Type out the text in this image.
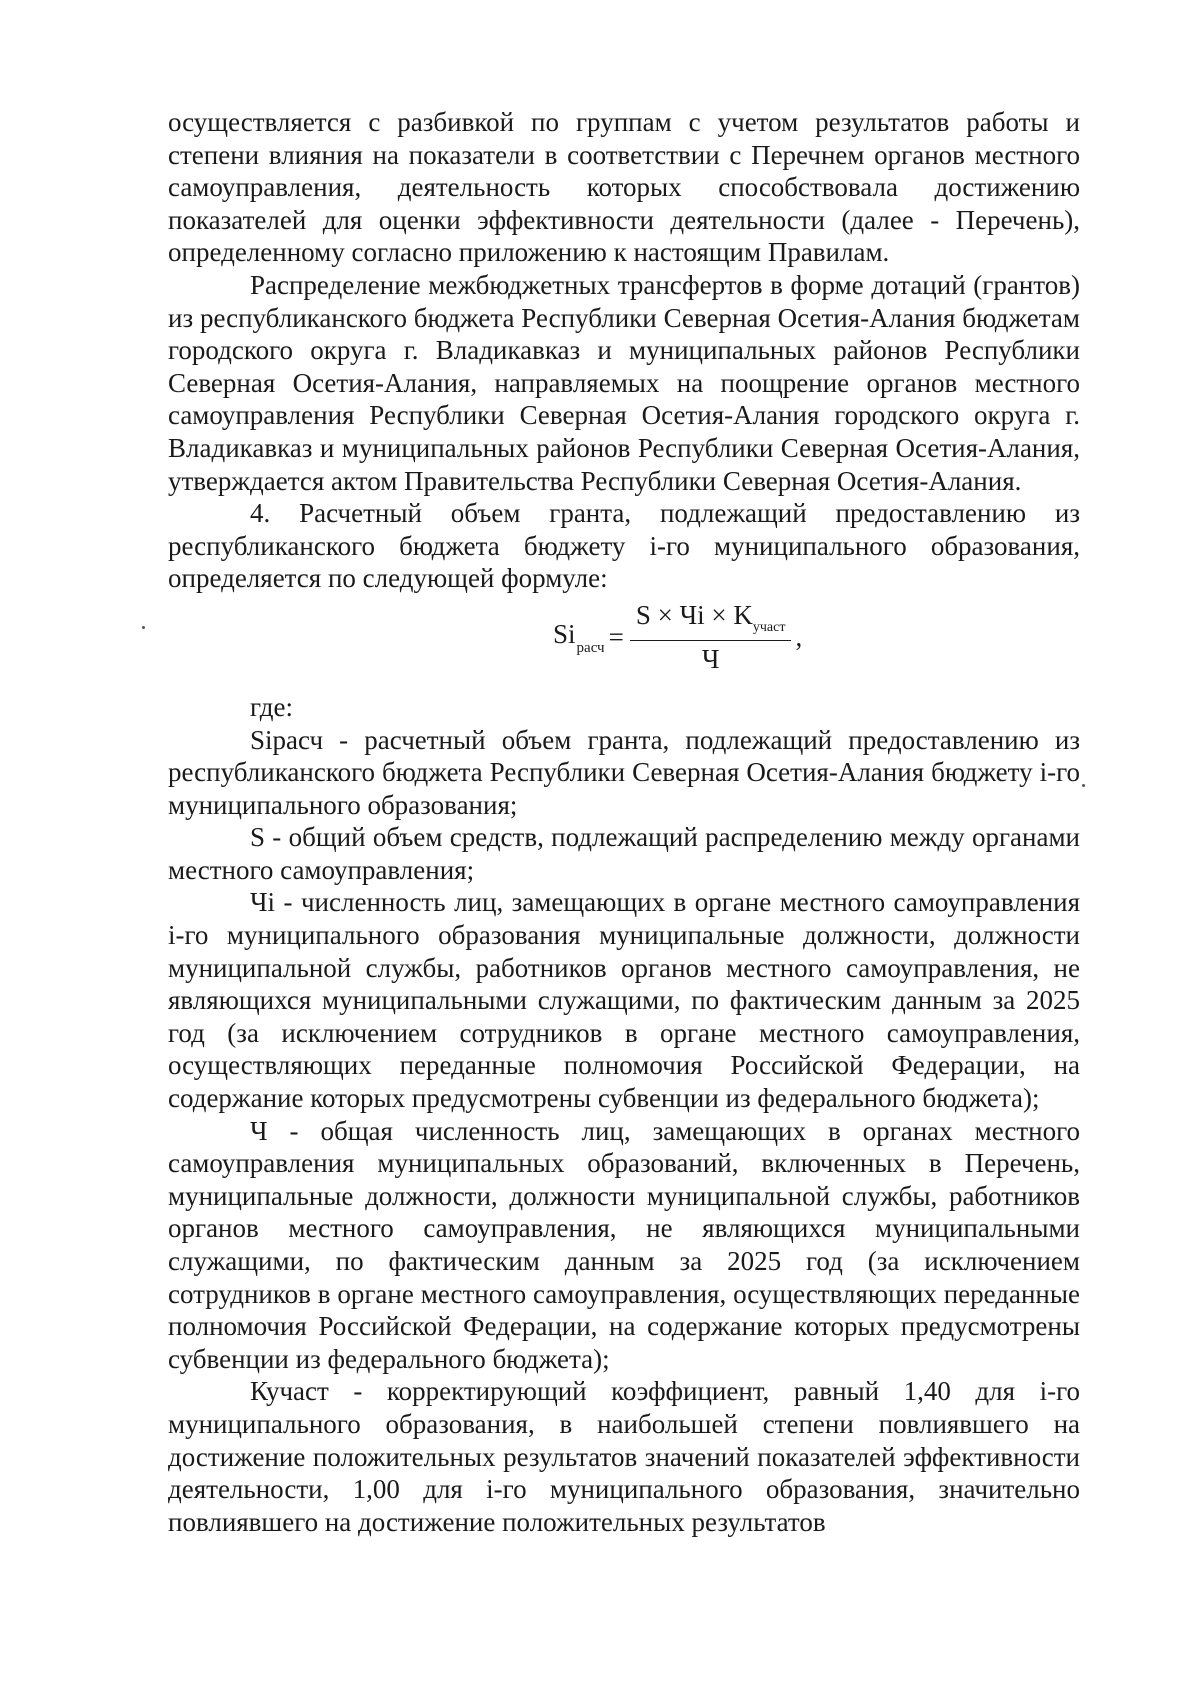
осуществляется с разбивкой по группам с учетом результатов работы и степени влияния на показатели в соответствии с Перечнем органов местного самоуправления, деятельность которых способствовала достижению показателей для оценки эффективности деятельности (далее - Перечень), определенному согласно приложению к настоящим Правилам.

Распределение межбюджетных трансфертов в форме дотаций (грантов) из республиканского бюджета Республики Северная Осетия-Алания бюджетам городского округа г. Владикавказ и муниципальных районов Республики Северная Осетия-Алания, направляемых на поощрение органов местного самоуправления Республики Северная Осетия-Алания городского округа г. Владикавказ и муниципальных районов Республики Северная Осетия-Алания, утверждается актом Правительства Республики Северная Осетия-Алания.

4. Расчетный объем гранта, подлежащий предоставлению из республиканского бюджета бюджету i-го муниципального образования, определяется по следующей формуле:

Si расч = $\frac{S \times Чi \times K_{участ}}{Ч}$ ,

где:

Siрасч - расчетный объем гранта, подлежащий предоставлению из республиканского бюджета Республики Северная Осетия-Алания бюджету i-го муниципального образования;

S - общий объем средств, подлежащий распределению между органами местного самоуправления;

Чi - численность лиц, замещающих в органе местного самоуправления i-го муниципального образования муниципальные должности, должности муниципальной службы, работников органов местного самоуправления, не являющихся муниципальными служащими, по фактическим данным за 2025 год (за исключением сотрудников в органе местного самоуправления, осуществляющих переданные полномочия Российской Федерации, на содержание которых предусмотрены субвенции из федерального бюджета);

Ч - общая численность лиц, замещающих в органах местного самоуправления муниципальных образований, включенных в Перечень, муниципальные должности, должности муниципальной службы, работников органов местного самоуправления, не являющихся муниципальными служащими, по фактическим данным за 2025 год (за исключением сотрудников в органе местного самоуправления, осуществляющих переданные полномочия Российской Федерации, на содержание которых предусмотрены субвенции из федерального бюджета);

Кучаст - корректирующий коэффициент, равный 1,40 для i-го муниципального образования, в наибольшей степени повлиявшего на достижение положительных результатов значений показателей эффективности деятельности, 1,00 для i-го муниципального образования, значительно повлиявшего на достижение положительных результатов
